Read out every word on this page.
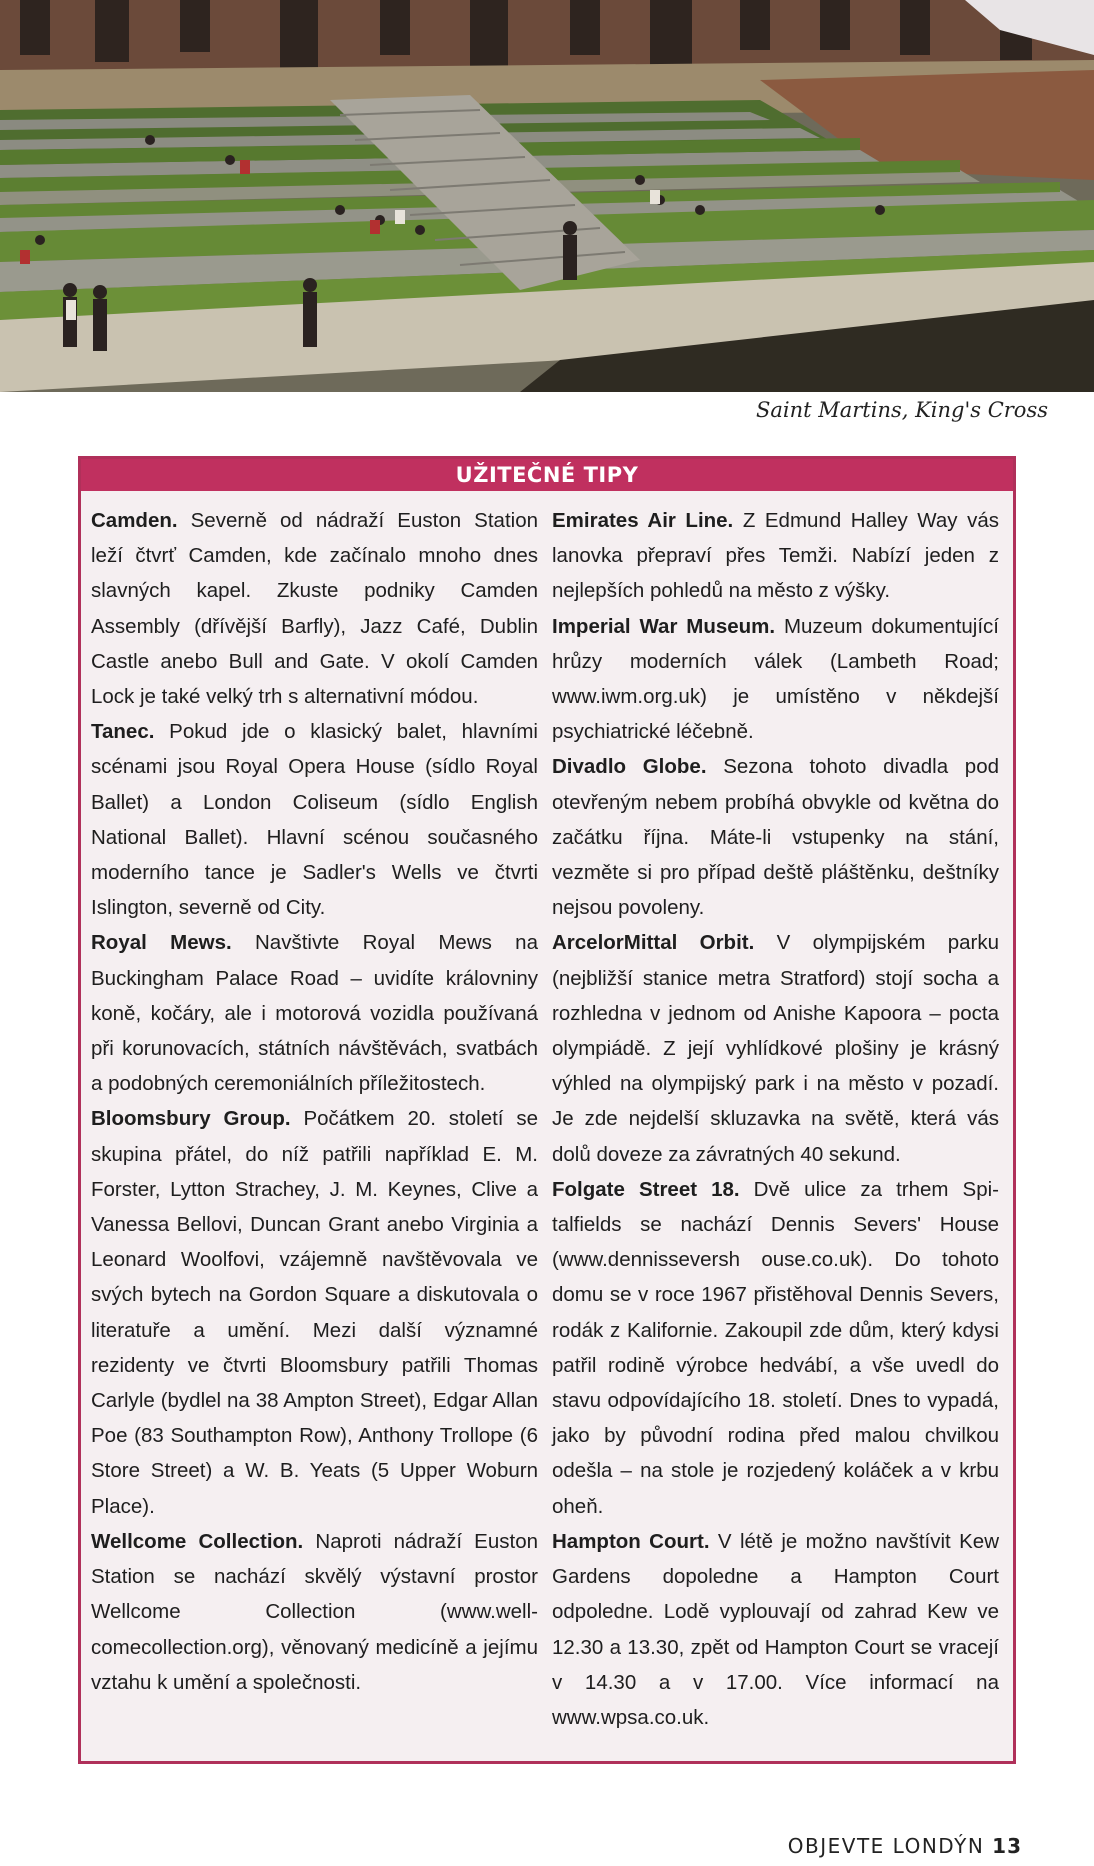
Saint Martins, King's Cross
UŽITEČNÉ TIPY

Camden. Severně od nádraží Euston Station leží čtvrť Camden, kde začínalo mnoho dnes slavných kapel. Zkuste podniky Camden Assembly (dřívější Barfly), Jazz Café, Dublin Castle anebo Bull and Gate. V okolí Camden Lock je také velký trh s alternativní módou.

Tanec. Pokud jde o klasický balet, hlavními scénami jsou Royal Opera House (sídlo Royal Ballet) a London Coliseum (sídlo English National Ballet). Hlavní scénou současného moderního tance je Sadler's Wells ve čtvrti Islington, severně od City.

Royal Mews. Navštivte Royal Mews na Buckingham Palace Road – uvidíte královniny koně, kočáry, ale i motorová vozidla používaná při korunovacích, státních návštěvách, svatbách a podobných ceremoniálních příležitostech.

Bloomsbury Group. Počátkem 20. století se skupina přátel, do níž patřili například E. M. Forster, Lytton Strachey, J. M. Keynes, Clive a Vanessa Bellovi, Duncan Grant anebo Virginia a Leonard Woolfovi, vzájemně navštěvovala ve svých bytech na Gordon Square a diskutovala o literatuře a umění. Mezi další významné rezidenty ve čtvrti Bloomsbury patřili Thomas Carlyle (bydlel na 38 Ampton Street), Edgar Allan Poe (83 Southampton Row), Anthony Trollope (6 Store Street) a W. B. Yeats (5 Upper Woburn Place).

Wellcome Collection. Naproti nádraží Euston Station se nachází skvělý výstavní prostor Wellcome Collection (www.wellcomecollection.org), věnovaný medicíně a jejímu vztahu k umění a společnosti.

Emirates Air Line. Z Edmund Halley Way vás lanovka přepraví přes Temži. Nabízí jeden z nejlepších pohledů na město z výšky.

Imperial War Museum. Muzeum dokumentující hrůzy moderních válek (Lambeth Road; www.iwm.org.uk) je umístěno v někdejší psychiatrické léčebně.

Divadlo Globe. Sezona tohoto divadla pod otevřeným nebem probíhá obvykle od května do začátku října. Máte-li vstupenky na stání, vezměte si pro případ deště pláštěnku, deštníky nejsou povoleny.

ArcelorMittal Orbit. V olympijském parku (nejbližší stanice metra Stratford) stojí socha a rozhledna v jednom od Anishe Kapoora – pocta olympiádě. Z její vyhlídkové plošiny je krásný výhled na olympijský park i na město v pozadí. Je zde nejdelší skluzavka na světě, která vás dolů doveze za závratných 40 sekund.

Folgate Street 18. Dvě ulice za trhem Spitalfields se nachází Dennis Severs' House (www.dennisseversh ouse.co.uk). Do tohoto domu se v roce 1967 přistěhoval Dennis Severs, rodák z Kalifornie. Zakoupil zde dům, který kdysi patřil rodině výrobce hedvábí, a vše uvedl do stavu odpovídajícího 18. století. Dnes to vypadá, jako by původní rodina před malou chvilkou odešla – na stole je rozjedený koláček a v krbu oheň.

Hampton Court. V létě je možno navštívit Kew Gardens dopoledne a Hampton Court odpoledne. Lodě vyplouvají od zahrad Kew ve 12.30 a 13.30, zpět od Hampton Court se vracejí v 14.30 a v 17.00. Více informací na www.wpsa.co.uk.

OBJEVTE LONDÝN 13
